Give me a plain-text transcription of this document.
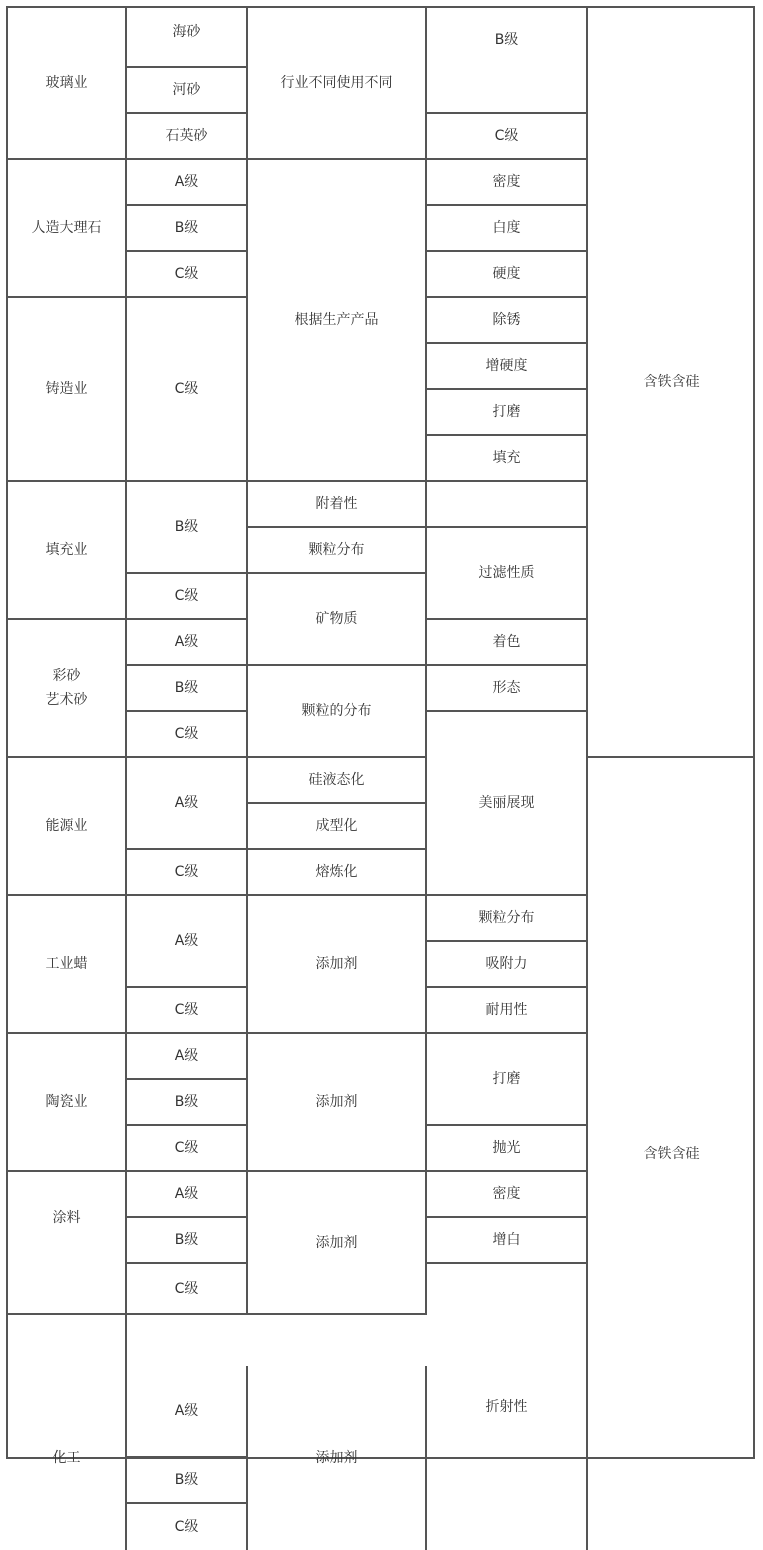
玻璃业
海砂
河砂
石英砂
行业不同使用不同
B级
C级
含铁含硅
人造大理石
A级
B级
C级
根据生产产品
密度
白度
硬度
铸造业	C级
除锈
增硬度
打磨
填充
填充业
B级
C级
附着性
颗粒分布
矿物质
过滤性质
彩砂
艺术砂
A级
B级
C级
颗粒的分布
着色
形态
美丽展现
能源业
A级
C级
硅液态化
成型化
熔炼化
含铁含硅
工业蜡
A级
C级
添加剂
颗粒分布
吸附力
耐用性
陶瓷业
A级
B级
C级
添加剂
打磨
抛光
涂料
A级
B级
C级
添加剂
密度
增白
折射性
化工
A级
B级
C级
添加剂
